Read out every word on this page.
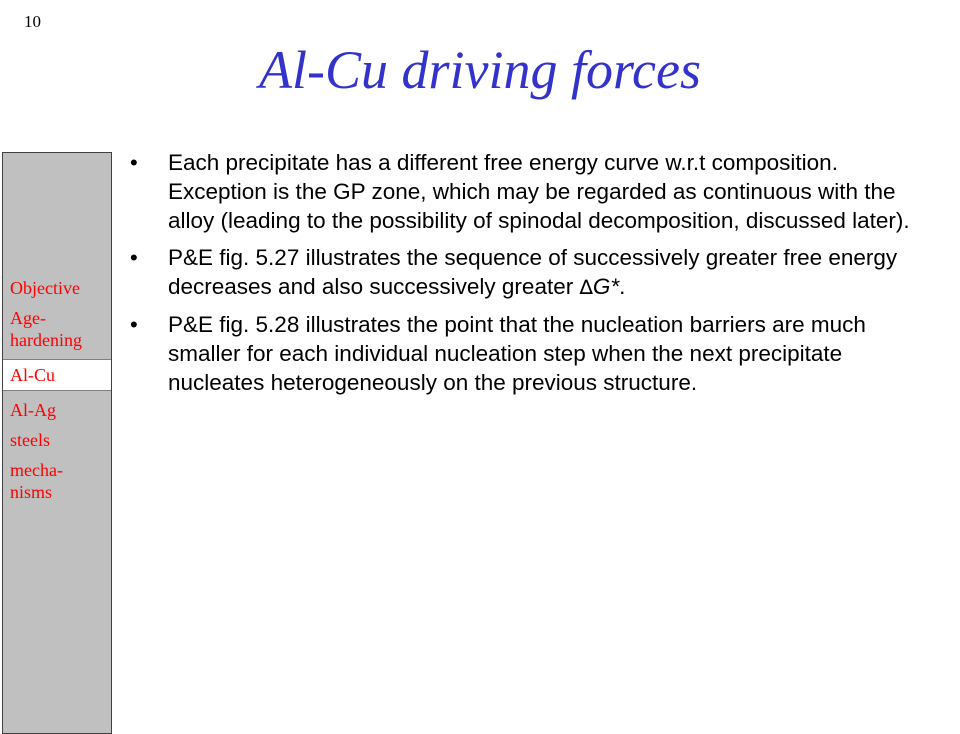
10
Al-Cu driving forces
Objective
Age-
hardening
Al-Cu
Al-Ag
steels
mecha-
nisms
• Each precipitate has a different free energy curve w.r.t composition. Exception is the GP zone, which may be regarded as continuous with the alloy (leading to the possibility of spinodal decomposition, discussed later).
• P&E fig. 5.27 illustrates the sequence of successively greater free energy decreases and also successively greater ∆G*.
• P&E fig. 5.28 illustrates the point that the nucleation barriers are much smaller for each individual nucleation step when the next precipitate nucleates heterogeneously on the previous structure.
